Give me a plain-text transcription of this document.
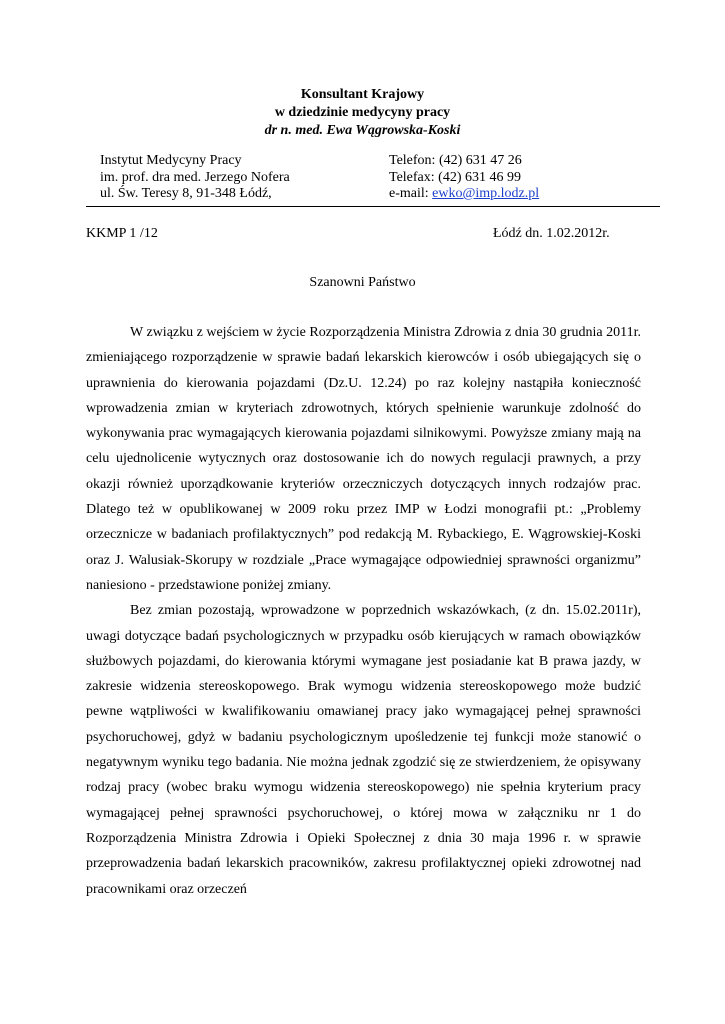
Konsultant Krajowy
w dziedzinie medycyny pracy
dr n. med. Ewa Wągrowska-Koski
Instytut Medycyny Pracy
im. prof. dra med. Jerzego Nofera
ul. Św. Teresy 8, 91-348 Łódź,
Telefon: (42) 631 47 26
Telefax: (42) 631 46 99
e-mail: ewko@imp.lodz.pl
KKMP 1 /12	Łódź dn. 1.02.2012r.
Szanowni Państwo

W związku z wejściem w życie Rozporządzenia Ministra Zdrowia z dnia 30 grudnia 2011r. zmieniającego rozporządzenie w sprawie badań lekarskich kierowców i osób ubiegających się o uprawnienia do kierowania pojazdami (Dz.U. 12.24) po raz kolejny nastąpiła konieczność wprowadzenia zmian w kryteriach zdrowotnych, których spełnienie warunkuje zdolność do wykonywania prac wymagających kierowania pojazdami silnikowymi. Powyższe zmiany mają na celu ujednolicenie wytycznych oraz dostosowanie ich do nowych regulacji prawnych, a przy okazji również uporządkowanie kryteriów orzeczniczych dotyczących innych rodzajów prac. Dlatego też w opublikowanej w 2009 roku przez IMP w Łodzi monografii pt.: „Problemy orzecznicze w badaniach profilaktycznych” pod redakcją M. Rybackiego, E. Wągrowskiej-Koski oraz J. Walusiak-Skorupy w rozdziale „Prace wymagające odpowiedniej sprawności organizmu” naniesiono - przedstawione poniżej zmiany.

Bez zmian pozostają, wprowadzone w poprzednich wskazówkach, (z dn. 15.02.2011r), uwagi dotyczące badań psychologicznych w przypadku osób kierujących w ramach obowiązków służbowych pojazdami, do kierowania którymi wymagane jest posiadanie kat B prawa jazdy, w zakresie widzenia stereoskopowego. Brak wymogu widzenia stereoskopowego może budzić pewne wątpliwości w kwalifikowaniu omawianej pracy jako wymagającej pełnej sprawności psychoruchowej, gdyż w badaniu psychologicznym upośledzenie tej funkcji może stanowić o negatywnym wyniku tego badania. Nie można jednak zgodzić się ze stwierdzeniem, że opisywany rodzaj pracy (wobec braku wymogu widzenia stereoskopowego) nie spełnia kryterium pracy wymagającej pełnej sprawności psychoruchowej, o której mowa w załączniku nr 1 do Rozporządzenia Ministra Zdrowia i Opieki Społecznej z dnia 30 maja 1996 r. w sprawie przeprowadzenia badań lekarskich pracowników, zakresu profilaktycznej opieki zdrowotnej nad pracownikami oraz orzeczeń
